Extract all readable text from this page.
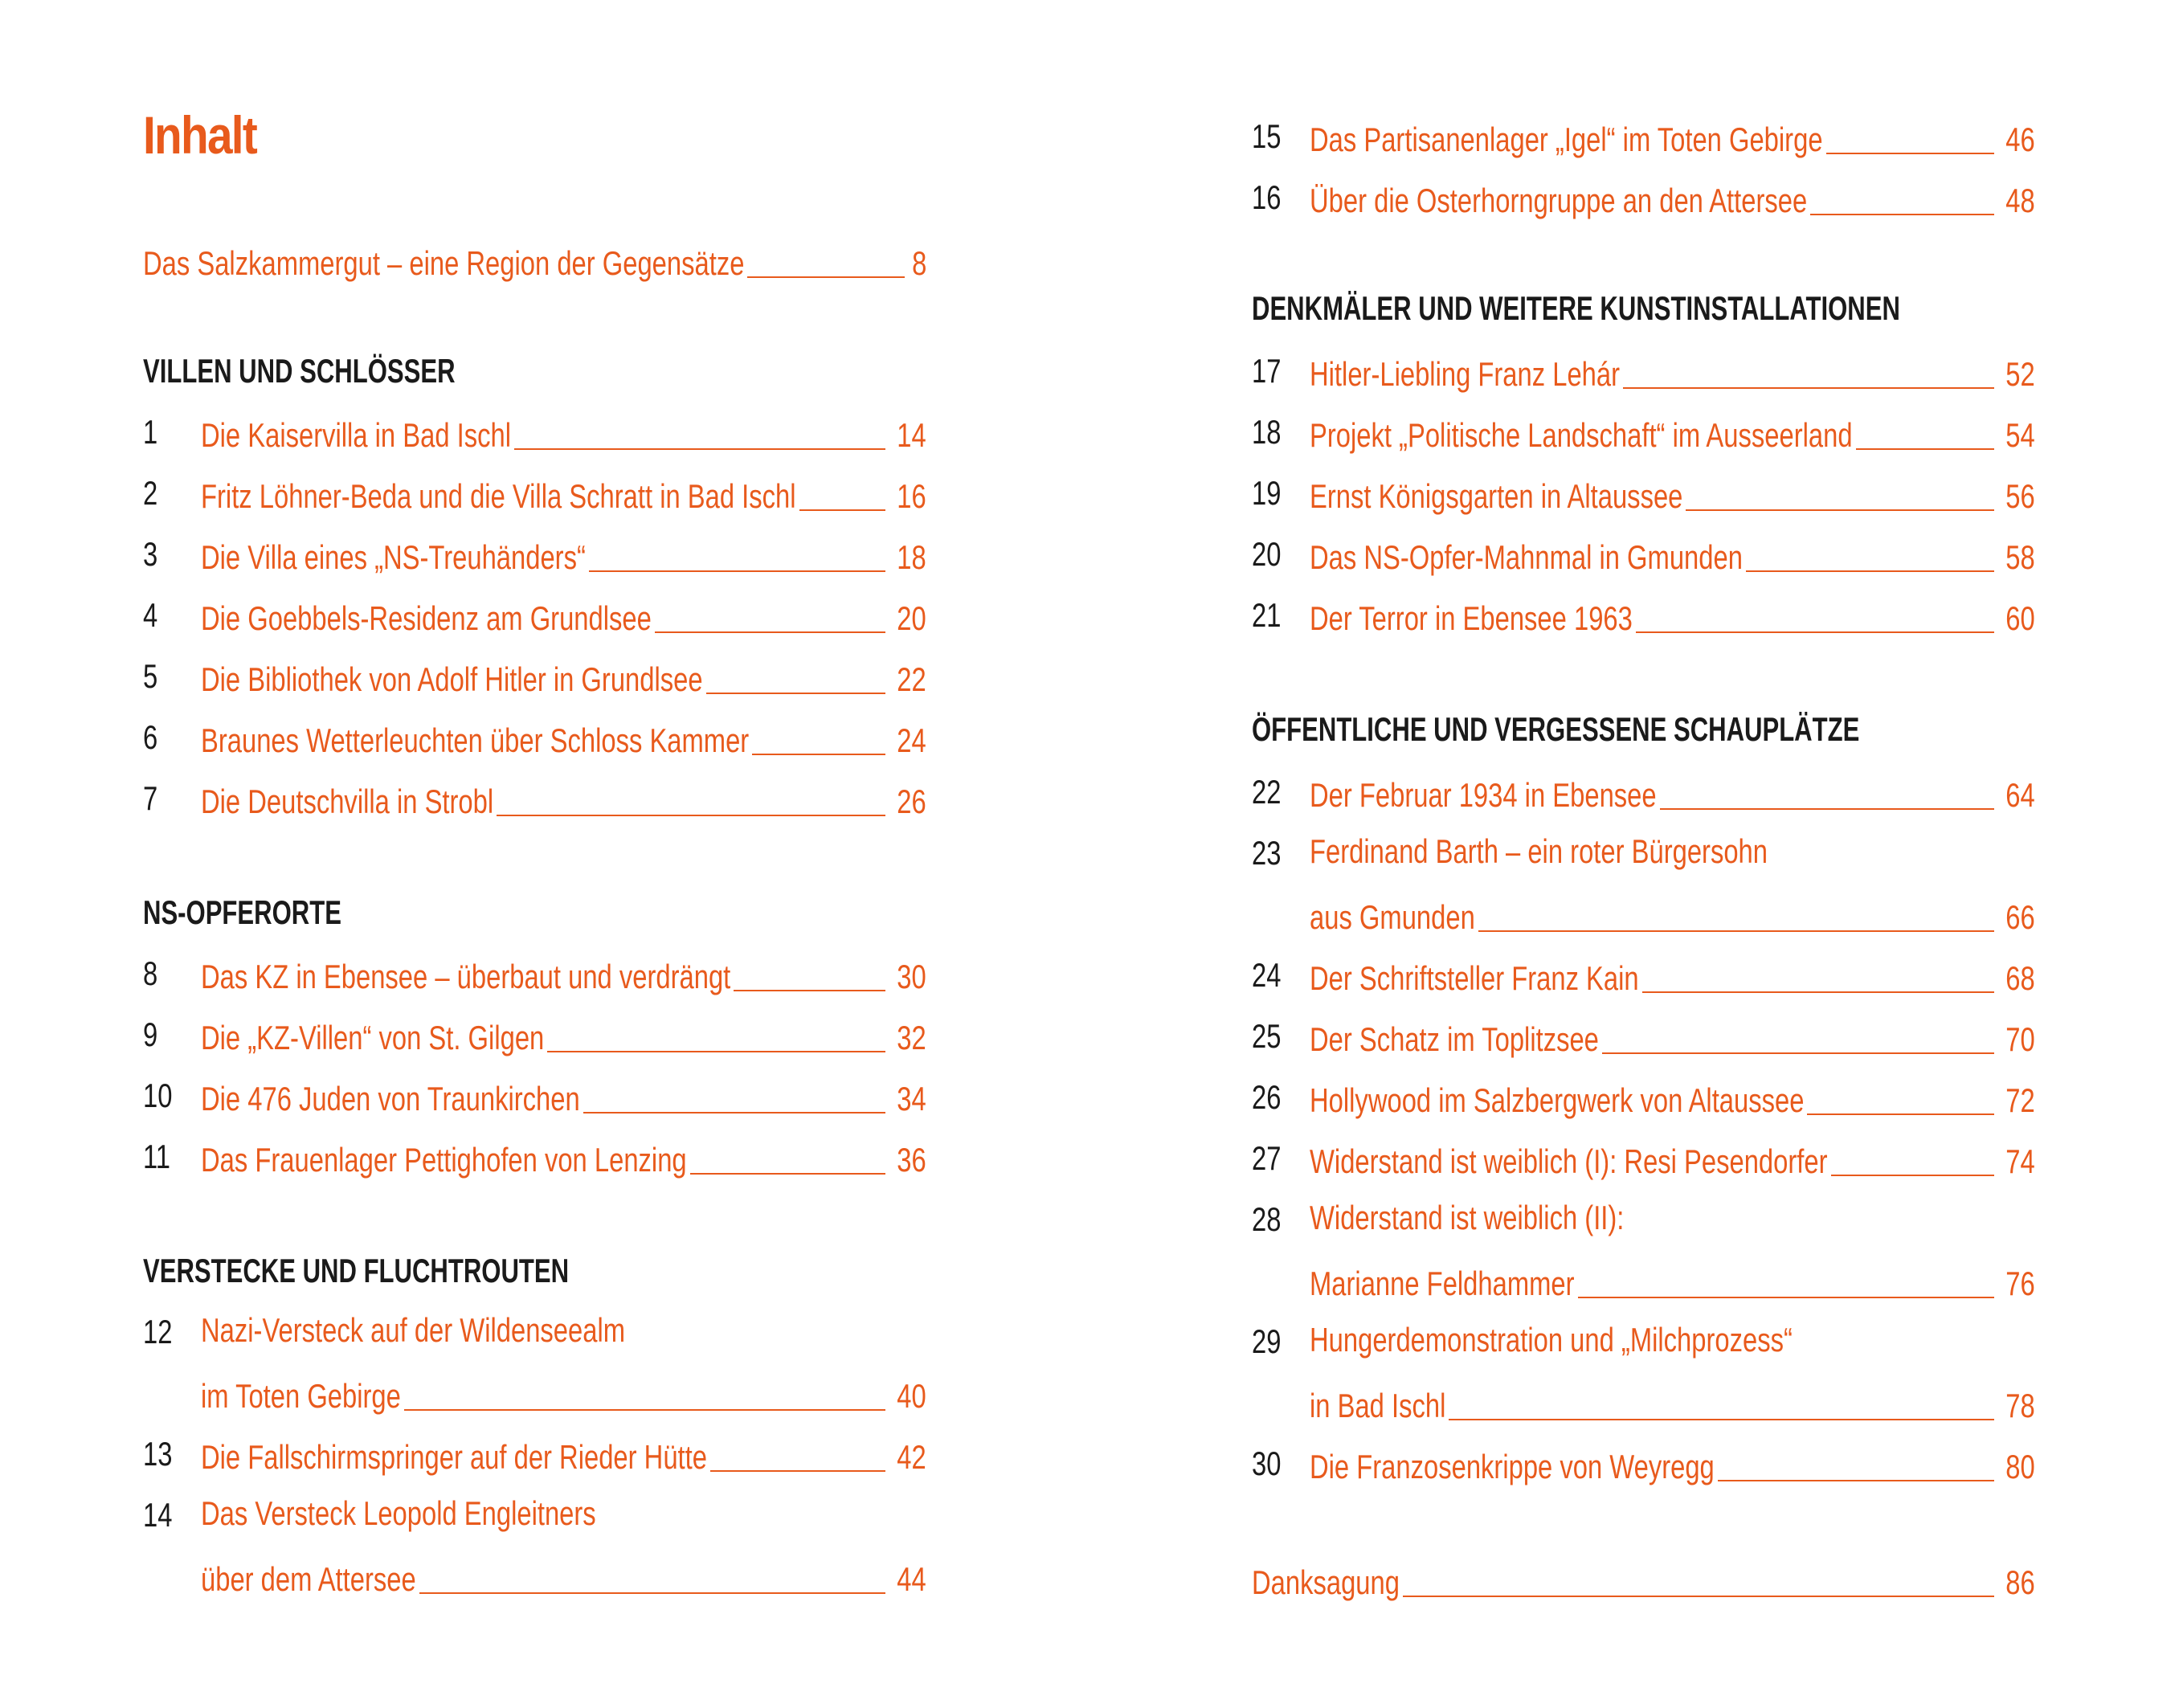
Inhalt
Das Salzkammergut – eine Region der Gegensätze	8
VILLEN UND SCHLÖSSER
1 Die Kaiservilla in Bad Ischl	14
2 Fritz Löhner-Beda und die Villa Schratt in Bad Ischl	16
3 Die Villa eines „NS-Treuhänders“	18
4 Die Goebbels-Residenz am Grundlsee	20
5 Die Bibliothek von Adolf Hitler in Grundlsee	22
6 Braunes Wetterleuchten über Schloss Kammer	24
7 Die Deutschvilla in Strobl	26
NS-OPFERORTE
8 Das KZ in Ebensee – überbaut und verdrängt	30
9 Die „KZ-Villen“ von St. Gilgen	32
10 Die 476 Juden von Traunkirchen	34
11 Das Frauenlager Pettighofen von Lenzing	36
VERSTECKE UND FLUCHTROUTEN
12 Nazi-Versteck auf der Wildenseealm
im Toten Gebirge	40
13 Die Fallschirmspringer auf der Rieder Hütte	42
14 Das Versteck Leopold Engleitners
über dem Attersee	44
15 Das Partisanenlager „Igel“ im Toten Gebirge	46
16 Über die Osterhorngruppe an den Attersee	48
DENKMÄLER UND WEITERE KUNSTINSTALLATIONEN
17 Hitler-Liebling Franz Lehár	52
18 Projekt „Politische Landschaft“ im Ausseerland	54
19 Ernst Königsgarten in Altaussee	56
20 Das NS-Opfer-Mahnmal in Gmunden	58
21 Der Terror in Ebensee 1963	60
ÖFFENTLICHE UND VERGESSENE SCHAUPLÄTZE
22 Der Februar 1934 in Ebensee	64
23 Ferdinand Barth – ein roter Bürgersohn
aus Gmunden	66
24 Der Schriftsteller Franz Kain	68
25 Der Schatz im Toplitzsee	70
26 Hollywood im Salzbergwerk von Altaussee	72
27 Widerstand ist weiblich (I): Resi Pesendorfer	74
28 Widerstand ist weiblich (II):
Marianne Feldhammer	76
29 Hungerdemonstration und „Milchprozess“
in Bad Ischl	78
30 Die Franzosenkrippe von Weyregg	80
Danksagung	86
